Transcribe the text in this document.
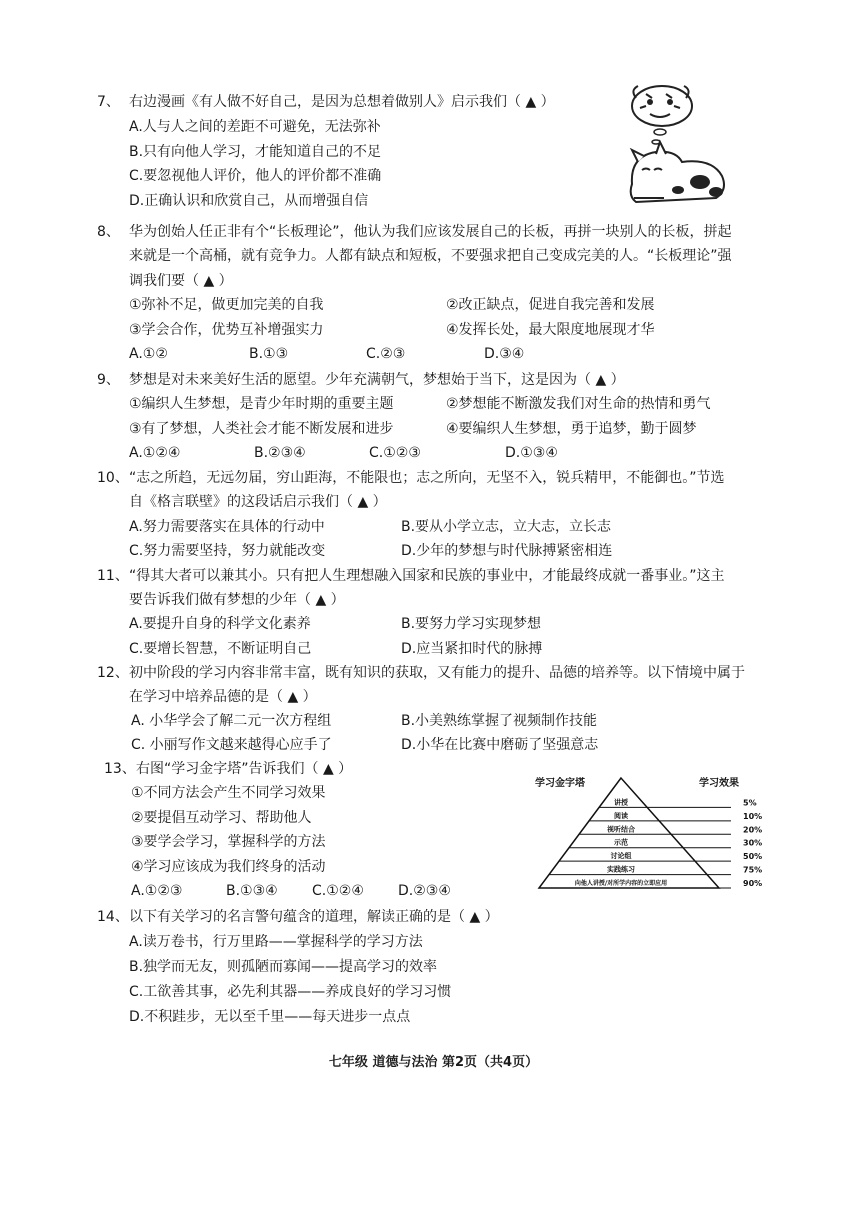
7、 右边漫画《有人做不好自己，是因为总想着做别人》启示我们（ ▲ ）
A.人与人之间的差距不可避免，无法弥补
B.只有向他人学习，才能知道自己的不足
C.要忽视他人评价，他人的评价都不准确
D.正确认识和欣赏自己，从而增强自信
8、 华为创始人任正非有个“长板理论”，他认为我们应该发展自己的长板，再拼一块别人的长板，拼起
来就是一个高桶，就有竞争力。人都有缺点和短板，不要强求把自己变成完美的人。“长板理论”强
调我们要（ ▲ ）
①弥补不足，做更加完美的自我	②改正缺点，促进自我完善和发展
③学会合作，优势互补增强实力	④发挥长处，最大限度地展现才华
A.①②	B.①③	C.②③	D.③④
9、 梦想是对未来美好生活的愿望。少年充满朝气，梦想始于当下，这是因为（ ▲ ）
①编织人生梦想，是青少年时期的重要主题	②梦想能不断激发我们对生命的热情和勇气
③有了梦想，人类社会才能不断发展和进步	④要编织人生梦想，勇于追梦，勤于圆梦
A.①②④	B.②③④	C.①②③	D.①③④
10、 “志之所趋，无远勿届，穷山距海，不能限也；志之所向，无坚不入，锐兵精甲，不能御也。”节选
自《格言联壁》的这段话启示我们（ ▲ ）
A.努力需要落实在具体的行动中	B.要从小学立志，立大志，立长志
C.努力需要坚持，努力就能改变	D.少年的梦想与时代脉搏紧密相连
11、 “得其大者可以兼其小。只有把人生理想融入国家和民族的事业中，才能最终成就一番事业。”这主
要告诉我们做有梦想的少年（ ▲ ）
A.要提升自身的科学文化素养	B.要努力学习实现梦想
C.要增长智慧，不断证明自己	D.应当紧扣时代的脉搏
12、 初中阶段的学习内容非常丰富，既有知识的获取，又有能力的提升、品德的培养等。以下情境中属于
在学习中培养品德的是（ ▲ ）
A. 小华学会了解二元一次方程组	B.小美熟练掌握了视频制作技能
C. 小丽写作文越来越得心应手了	D.小华在比赛中磨砺了坚强意志
13、 右图“学习金字塔”告诉我们（ ▲ ）
①不同方法会产生不同学习效果
②要提倡互动学习、帮助他人
③要学会学习，掌握科学的方法
④学习应该成为我们终身的活动
A.①②③	B.①③④ C.①②④ D.②③④
学习金字塔	学习效果
讲授	5%
阅读	10%
视听结合	20%
示范	30%
讨论组	50%
实践练习	75%
向他人讲授/对所学内容的立即应用	90%
14、 以下有关学习的名言警句蕴含的道理，解读正确的是（ ▲ ）
A.读万卷书，行万里路——掌握科学的学习方法
B.独学而无友，则孤陋而寡闻——提高学习的效率
C.工欲善其事，必先利其器——养成良好的学习习惯
D.不积跬步，无以至千里——每天进步一点点
七年级 道德与法治 第2页（共4页）
